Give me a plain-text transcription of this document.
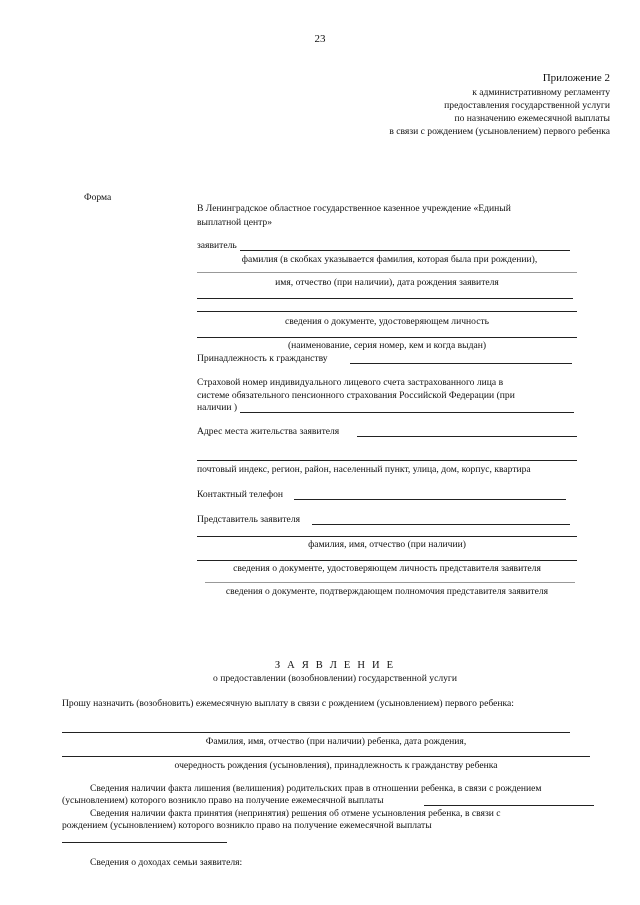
23
Приложение 2
к административному регламенту
предоставления государственной услуги
по назначению ежемесячной выплаты
в связи с рождением (усыновлением) первого ребенка
Форма
В Ленинградское областное государственное казенное учреждение «Единый
выплатной центр»
заявитель
фамилия (в скобках указывается фамилия, которая была при рождении),
имя, отчество (при наличии), дата рождения заявителя
сведения о документе, удостоверяющем личность
(наименование, серия номер, кем и когда выдан)
Принадлежность к гражданству
Страховой номер индивидуального лицевого счета застрахованного лица в
системе обязательного пенсионного страхования Российской Федерации (при
наличии )
Адрес места жительства заявителя
почтовый индекс, регион, район, населенный пункт, улица, дом, корпус, квартира
Контактный телефон
Представитель заявителя
фамилия, имя, отчество (при наличии)
сведения о документе, удостоверяющем личность представителя заявителя
сведения о документе, подтверждающем полномочия представителя заявителя
З А Я В Л Е Н И Е
о предоставлении (возобновлении) государственной услуги
Прошу назначить (возобновить) ежемесячную выплату в связи с рождением (усыновлением) первого ребенка:
Фамилия, имя, отчество (при наличии) ребенка, дата рождения,
очередность рождения (усыновления), принадлежность к гражданству ребенка
Сведения наличии факта лишения (велишения) родительских прав в отношении ребенка, в связи с рождением
(усыновлением) которого возникло право на получение ежемесячной выплаты
Сведения наличии факта принятия (непринятия) решения об отмене усыновления ребенка, в связи с
рождением (усыновлением) которого возникло право на получение ежемесячной выплаты
Сведения о доходах семьи заявителя:
